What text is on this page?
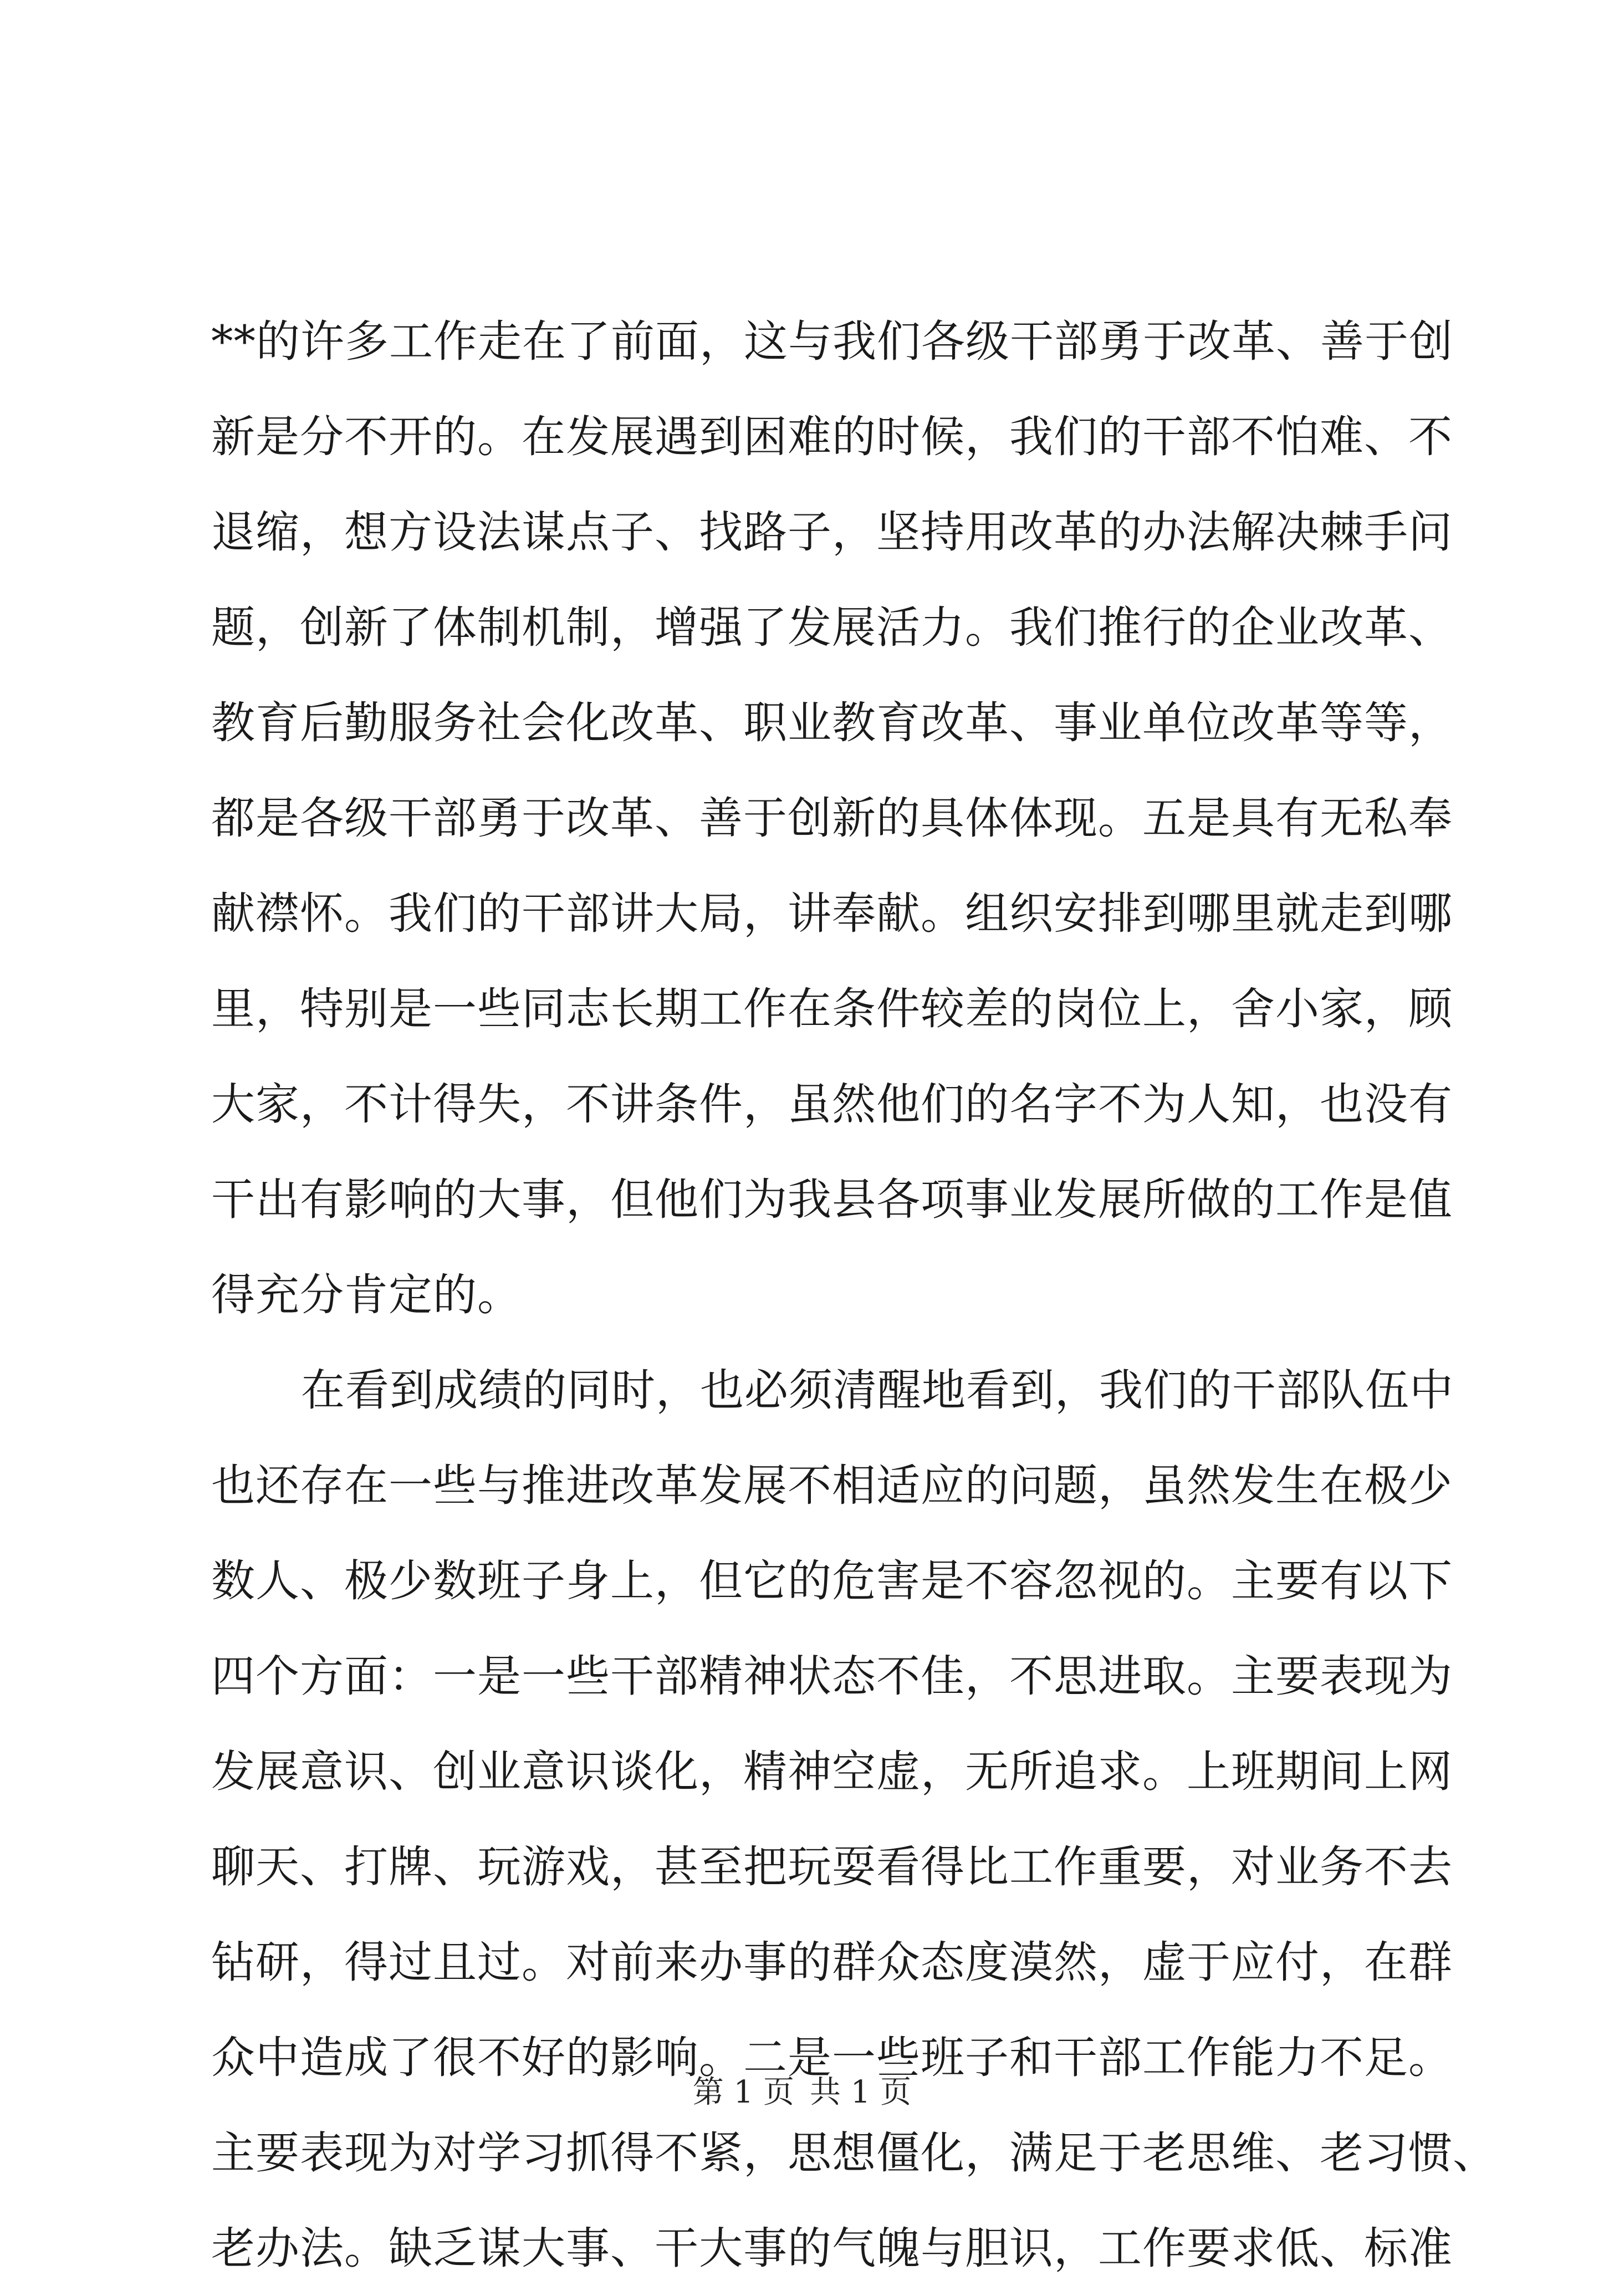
**的许多工作走在了前面，这与我们各级干部勇于改革、善于创
新是分不开的。在发展遇到困难的时候，我们的干部不怕难、不
退缩，想方设法谋点子、找路子，坚持用改革的办法解决棘手问
题，创新了体制机制，增强了发展活力。我们推行的企业改革、
教育后勤服务社会化改革、职业教育改革、事业单位改革等等，
都是各级干部勇于改革、善于创新的具体体现。五是具有无私奉
献襟怀。我们的干部讲大局，讲奉献。组织安排到哪里就走到哪
里，特别是一些同志长期工作在条件较差的岗位上，舍小家，顾
大家，不计得失，不讲条件，虽然他们的名字不为人知，也没有
干出有影响的大事，但他们为我县各项事业发展所做的工作是值
得充分肯定的。
在看到成绩的同时，也必须清醒地看到，我们的干部队伍中
也还存在一些与推进改革发展不相适应的问题，虽然发生在极少
数人、极少数班子身上，但它的危害是不容忽视的。主要有以下
四个方面：一是一些干部精神状态不佳，不思进取。主要表现为
发展意识、创业意识谈化，精神空虚，无所追求。上班期间上网
聊天、打牌、玩游戏，甚至把玩耍看得比工作重要，对业务不去
钻研，得过且过。对前来办事的群众态度漠然，虚于应付，在群
众中造成了很不好的影响。二是一些班子和干部工作能力不足。
主要表现为对学习抓得不紧，思想僵化，满足于老思维、老习惯、
老办法。缺乏谋大事、干大事的气魄与胆识，工作要求低、标准
第 1 页 共 1 页
